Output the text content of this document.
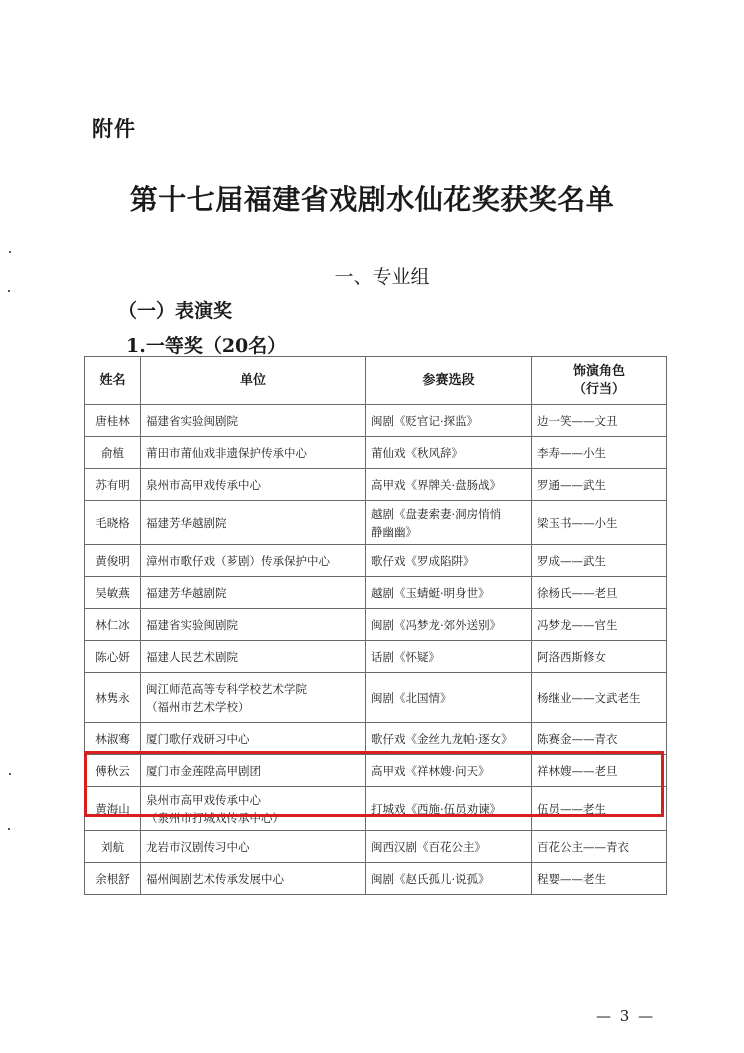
附件
第十七届福建省戏剧水仙花奖获奖名单
一、专业组
（一）表演奖
1.一等奖（20名）
姓名	单位	参赛选段	饰演角色
（行当）

唐桂林	福建省实验闽剧院	闽剧《贬官记·探监》	边一笑——文丑

俞植	莆田市莆仙戏非遗保护传承中心	莆仙戏《秋风辞》	李寿——小生

苏有明	泉州市高甲戏传承中心	高甲戏《界牌关·盘肠战》	罗通——武生

毛晓格	福建芳华越剧院	越剧《盘妻索妻·洞房悄悄
静幽幽》	梁玉书——小生

黄俊明	漳州市歌仔戏（芗剧）传承保护中心	歌仔戏《罗成陷阱》	罗成——武生

吴敏燕	福建芳华越剧院	越剧《玉蜻蜓·明身世》	徐杨氏——老旦

林仁冰	福建省实验闽剧院	闽剧《冯梦龙·郊外送别》	冯梦龙——官生

陈心妍	福建人民艺术剧院	话剧《怀疑》	阿洛西斯修女

林隽永	闽江师范高等专科学校艺术学院
（福州市艺术学校）	闽剧《北国情》	杨继业——文武老生

林淑骞	厦门歌仔戏研习中心	歌仔戏《金丝九龙帕·逐女》	陈赛金——青衣

傅秋云	厦门市金莲陞高甲剧团	高甲戏《祥林嫂·问天》	祥林嫂——老旦

黄海山	泉州市高甲戏传承中心
（泉州市打城戏传承中心）	打城戏《西施·伍员劝谏》	伍员——老生

刘航	龙岩市汉剧传习中心	闽西汉剧《百花公主》	百花公主——青衣

余根舒	福州闽剧艺术传承发展中心	闽剧《赵氏孤儿·说孤》	程婴——老生
— 3 —
